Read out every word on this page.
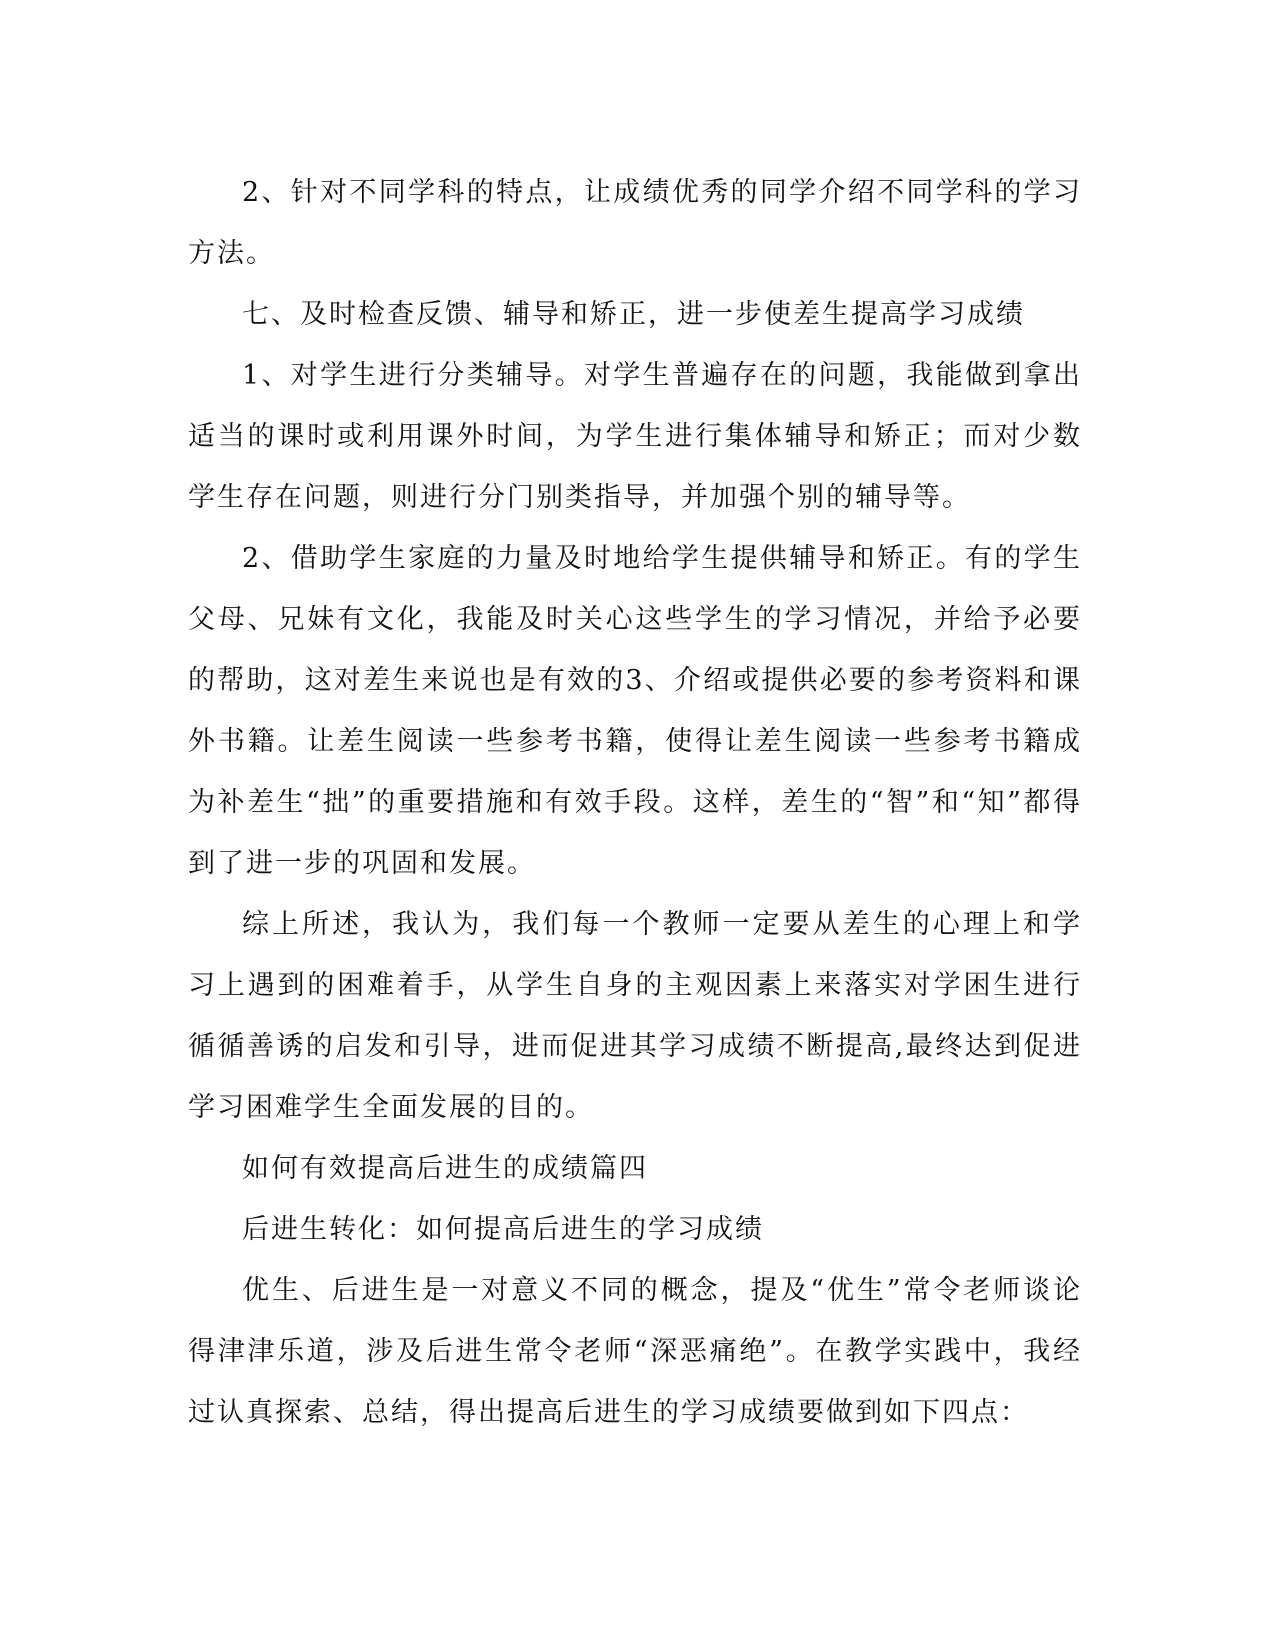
2、针对不同学科的特点，让成绩优秀的同学介绍不同学科的学习方法。

七、及时检查反馈、辅导和矫正，进一步使差生提高学习成绩

1、对学生进行分类辅导。对学生普遍存在的问题，我能做到拿出适当的课时或利用课外时间，为学生进行集体辅导和矫正；而对少数学生存在问题，则进行分门别类指导，并加强个别的辅导等。

2、借助学生家庭的力量及时地给学生提供辅导和矫正。有的学生父母、兄妹有文化，我能及时关心这些学生的学习情况，并给予必要的帮助，这对差生来说也是有效的3、介绍或提供必要的参考资料和课外书籍。让差生阅读一些参考书籍，使得让差生阅读一些参考书籍成为补差生“拙”的重要措施和有效手段。这样，差生的“智”和“知”都得到了进一步的巩固和发展。

综上所述，我认为，我们每一个教师一定要从差生的心理上和学习上遇到的困难着手，从学生自身的主观因素上来落实对学困生进行循循善诱的启发和引导，进而促进其学习成绩不断提高,最终达到促进学习困难学生全面发展的目的。

如何有效提高后进生的成绩篇四

后进生转化：如何提高后进生的学习成绩

优生、后进生是一对意义不同的概念，提及“优生”常令老师谈论得津津乐道，涉及后进生常令老师“深恶痛绝”。在教学实践中，我经过认真探索、总结，得出提高后进生的学习成绩要做到如下四点：
